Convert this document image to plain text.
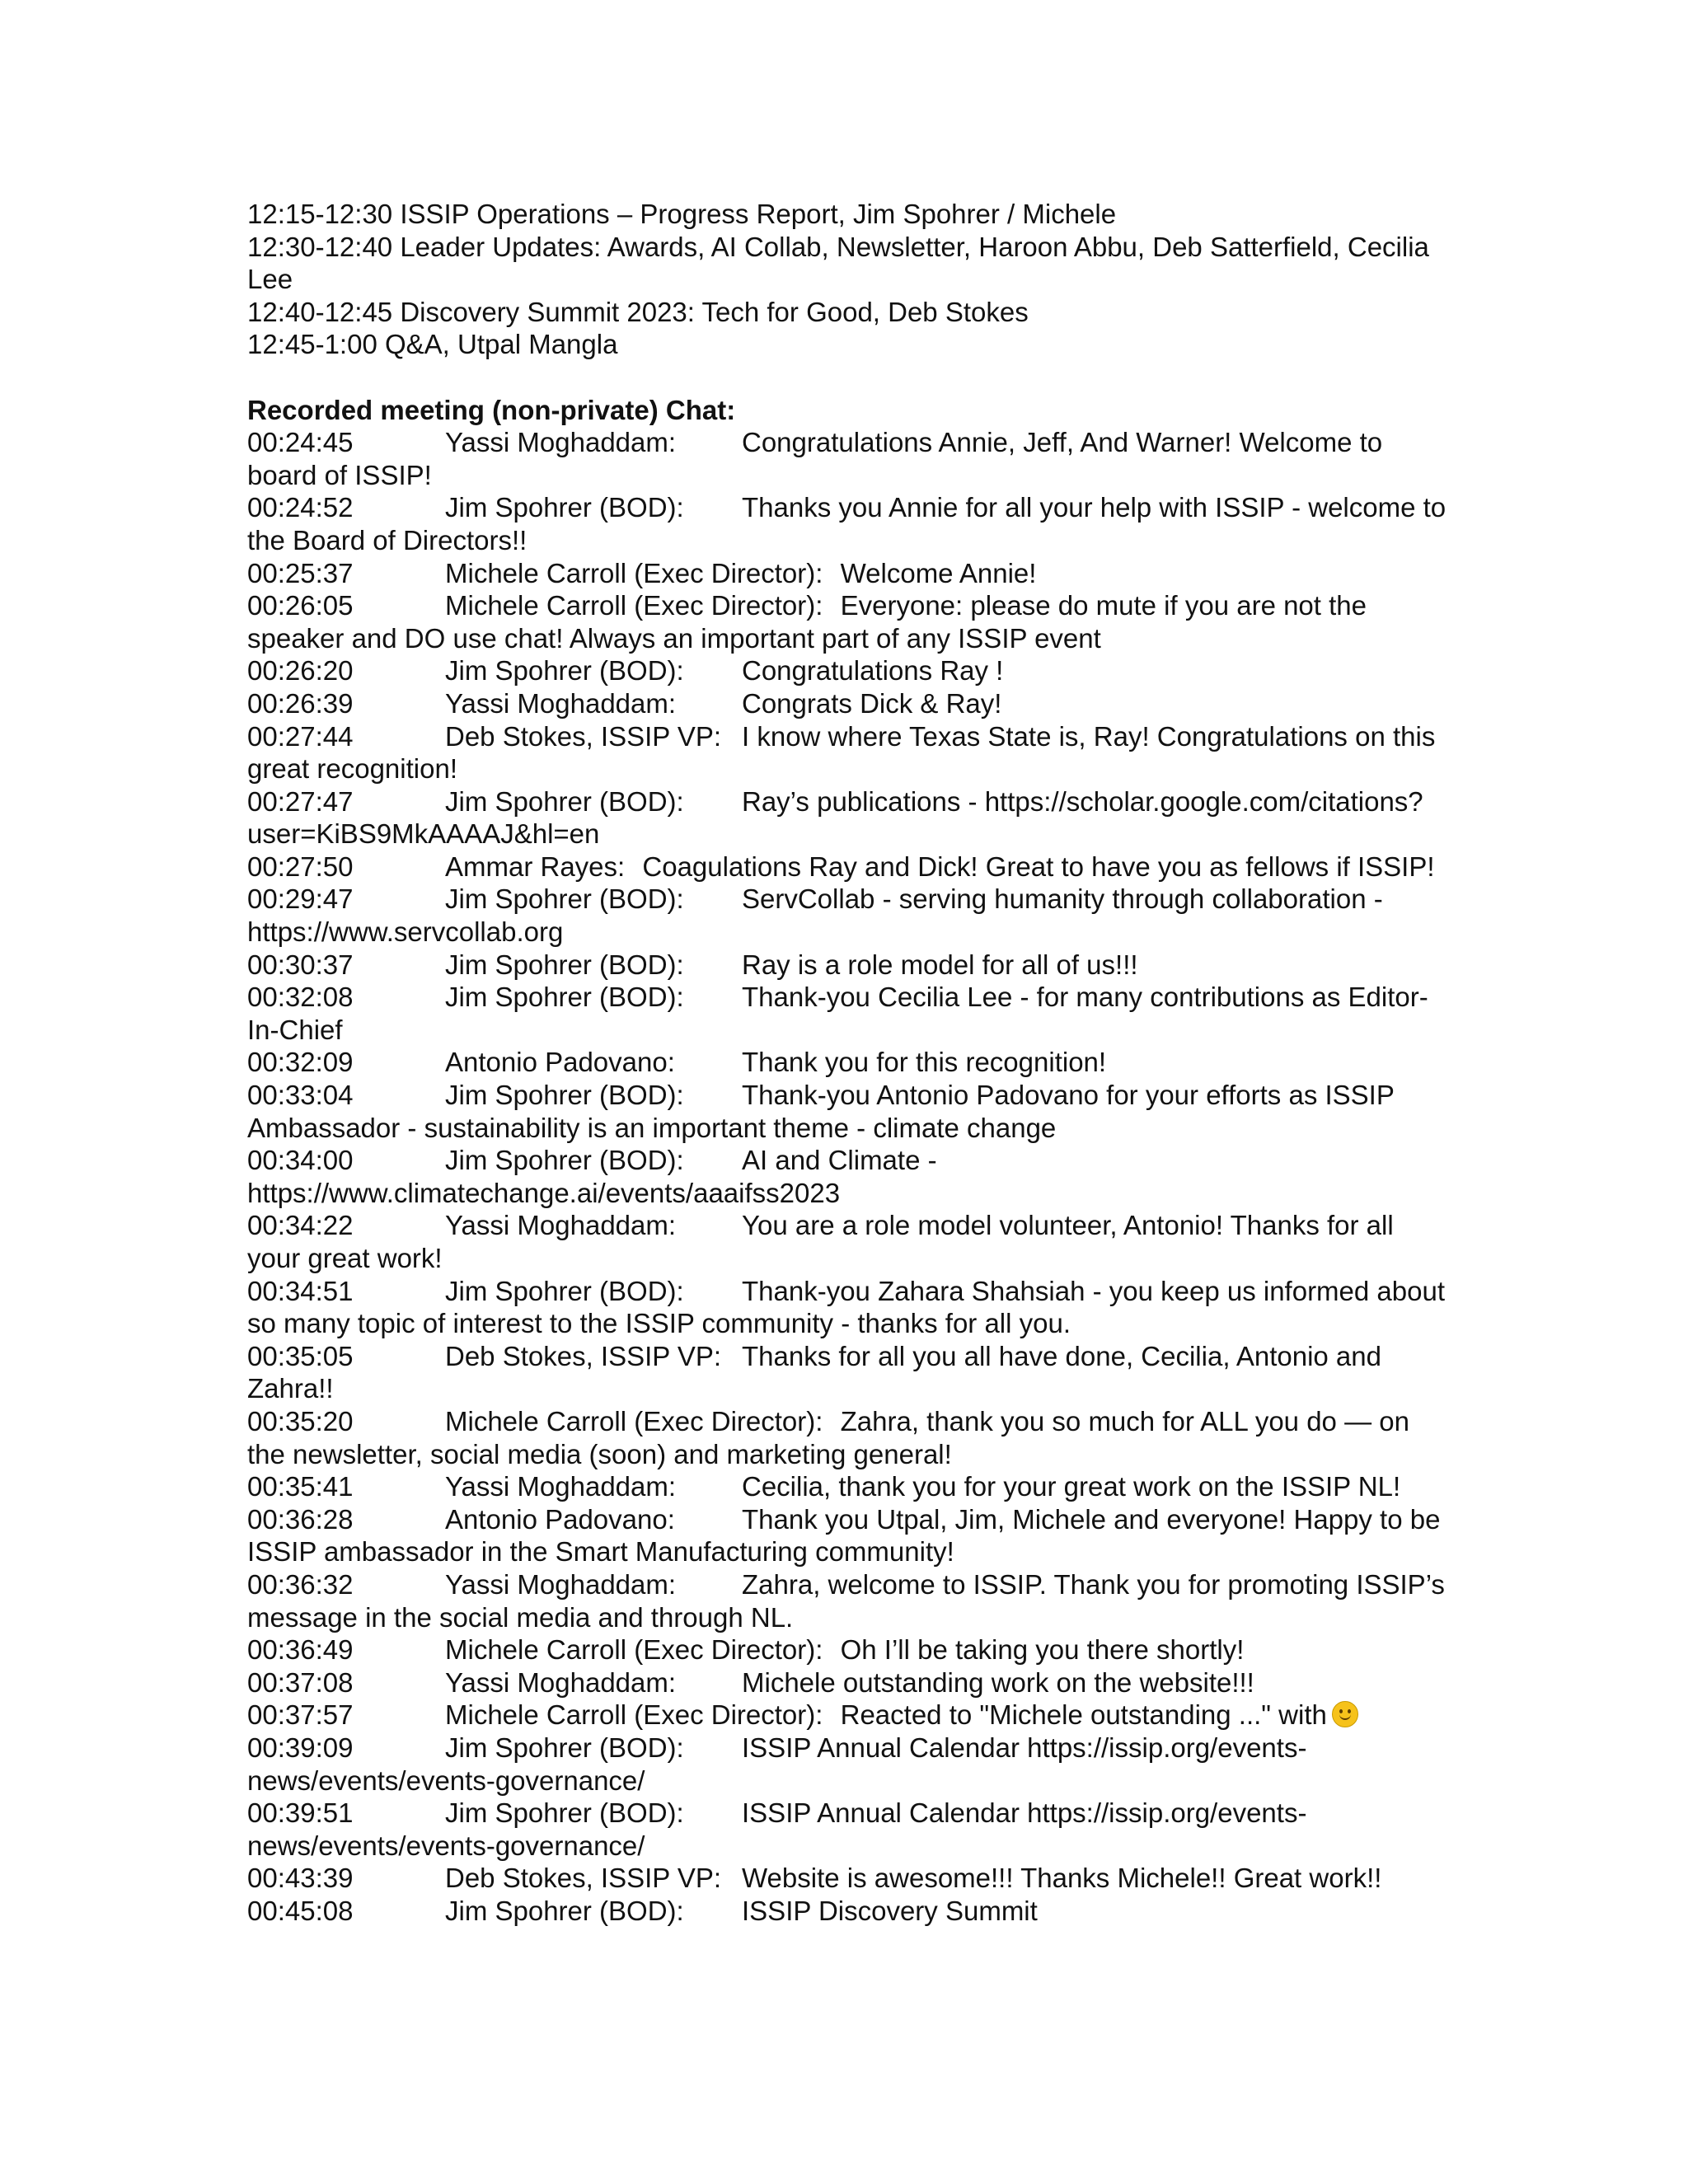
12:15-12:30 ISSIP Operations – Progress Report, Jim Spohrer / Michele

12:30-12:40 Leader Updates: Awards, AI Collab, Newsletter, Haroon Abbu, Deb Satterfield, Cecilia Lee

12:40-12:45 Discovery Summit 2023: Tech for Good, Deb Stokes

12:45-1:00 Q&A, Utpal Mangla

Recorded meeting (non-private) Chat:

00:24:45	Yassi Moghaddam: Congratulations Annie, Jeff, And Warner! Welcome to board of ISSIP!

00:24:52	Jim Spohrer (BOD): Thanks you Annie for all your help with ISSIP - welcome to the Board of Directors!!

00:25:37	Michele Carroll (Exec Director): Welcome Annie!

00:26:05	Michele Carroll (Exec Director): Everyone: please do mute if you are not the speaker and DO use chat! Always an important part of any ISSIP event

00:26:20	Jim Spohrer (BOD): Congratulations Ray !

00:26:39	Yassi Moghaddam: Congrats Dick & Ray!

00:27:44	Deb Stokes, ISSIP VP: I know where Texas State is, Ray! Congratulations on this great recognition!

00:27:47	Jim Spohrer (BOD): Ray’s publications - https://scholar.google.com/citations?user=KiBS9MkAAAAJ&hl=en

00:27:50	Ammar Rayes: Coagulations Ray and Dick! Great to have you as fellows if ISSIP!

00:29:47	Jim Spohrer (BOD): ServCollab - serving humanity through collaboration - https://www.servcollab.org

00:30:37	Jim Spohrer (BOD): Ray is a role model for all of us!!!

00:32:08	Jim Spohrer (BOD): Thank-you Cecilia Lee - for many contributions as Editor-In-Chief

00:32:09	Antonio Padovano: Thank you for this recognition!

00:33:04	Jim Spohrer (BOD): Thank-you Antonio Padovano for your efforts as ISSIP Ambassador - sustainability is an important theme - climate change

00:34:00	Jim Spohrer (BOD): AI and Climate - https://www.climatechange.ai/events/aaaifss2023

00:34:22	Yassi Moghaddam: You are a role model volunteer, Antonio! Thanks for all your great work!

00:34:51	Jim Spohrer (BOD): Thank-you Zahara Shahsiah - you keep us informed about so many topic of interest to the ISSIP community - thanks for all you.

00:35:05	Deb Stokes, ISSIP VP: Thanks for all you all have done, Cecilia, Antonio and Zahra!!

00:35:20	Michele Carroll (Exec Director): Zahra, thank you so much for ALL you do — on the newsletter, social media (soon) and marketing general!

00:35:41	Yassi Moghaddam: Cecilia, thank you for your great work on the ISSIP NL!

00:36:28	Antonio Padovano: Thank you Utpal, Jim, Michele and everyone! Happy to be ISSIP ambassador in the Smart Manufacturing community!

00:36:32	Yassi Moghaddam: Zahra, welcome to ISSIP. Thank you for promoting ISSIP’s message in the social media and through NL.

00:36:49	Michele Carroll (Exec Director): Oh I’ll be taking you there shortly!

00:37:08	Yassi Moghaddam: Michele outstanding work on the website!!!

00:37:57	Michele Carroll (Exec Director): Reacted to "Michele outstanding ..." with

00:39:09	Jim Spohrer (BOD): ISSIP Annual Calendar https://issip.org/events-news/events/events-governance/

00:39:51	Jim Spohrer (BOD): ISSIP Annual Calendar https://issip.org/events-news/events/events-governance/

00:43:39	Deb Stokes, ISSIP VP: Website is awesome!!! Thanks Michele!! Great work!!

00:45:08	Jim Spohrer (BOD): ISSIP Discovery Summit
